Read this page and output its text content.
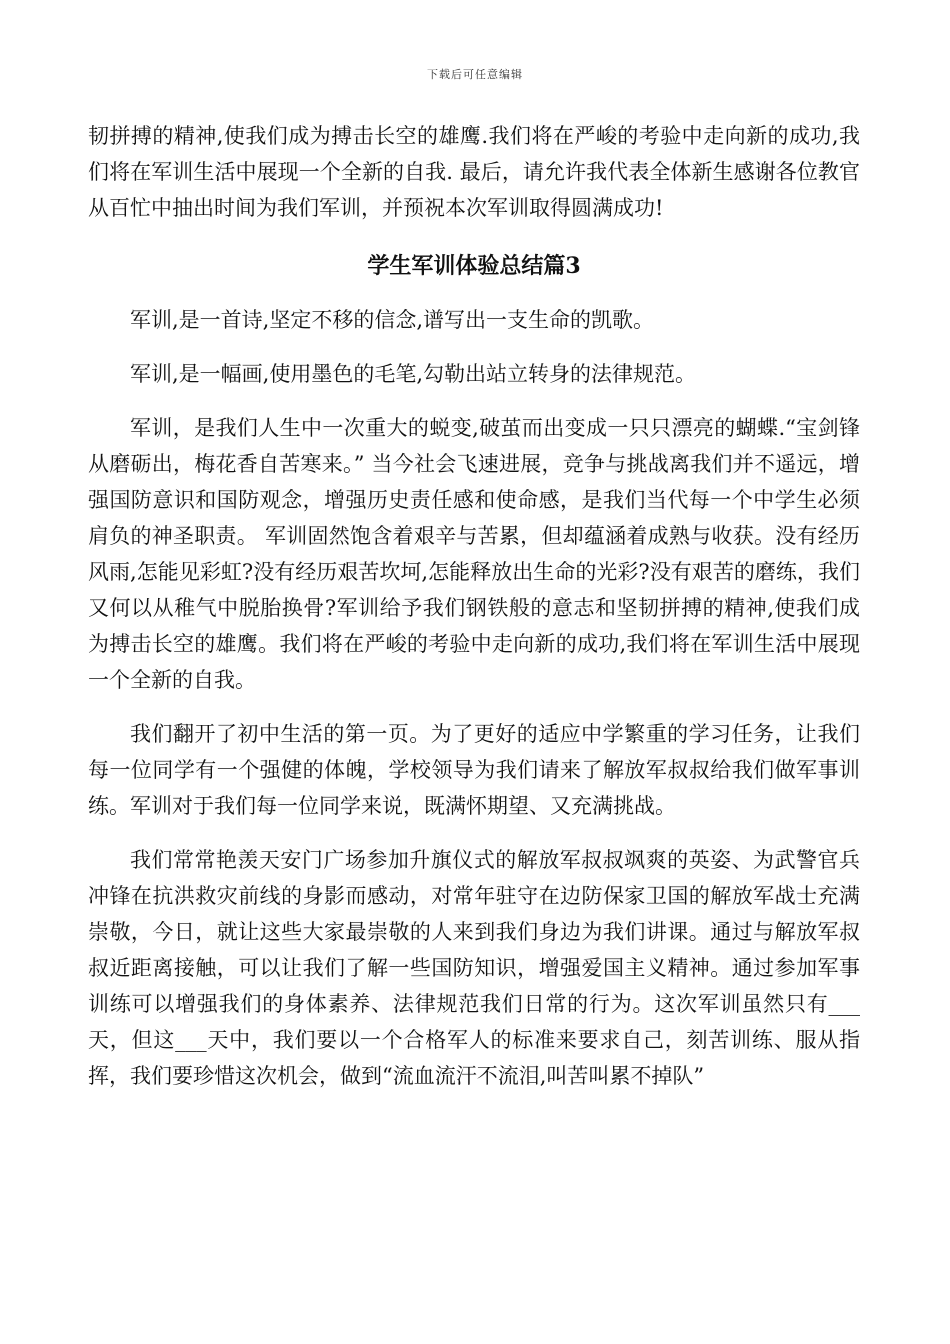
下载后可任意编辑

韧拼搏的精神,使我们成为搏击长空的雄鹰.我们将在严峻的考验中走向新的成功,我们将在军训生活中展现一个全新的自我. 最后，请允许我代表全体新生感谢各位教官从百忙中抽出时间为我们军训，并预祝本次军训取得圆满成功!

学生军训体验总结篇3

军训,是一首诗,坚定不移的信念,谱写出一支生命的凯歌。

军训,是一幅画,使用墨色的毛笔,勾勒出站立转身的法律规范。

军训，是我们人生中一次重大的蜕变,破茧而出变成一只只漂亮的蝴蝶.“宝剑锋从磨砺出，梅花香自苦寒来。” 当今社会飞速进展，竞争与挑战离我们并不遥远，增强国防意识和国防观念，增强历史责任感和使命感，是我们当代每一个中学生必须肩负的神圣职责。 军训固然饱含着艰辛与苦累，但却蕴涵着成熟与收获。没有经历风雨,怎能见彩虹?没有经历艰苦坎坷,怎能释放出生命的光彩?没有艰苦的磨练，我们又何以从稚气中脱胎换骨?军训给予我们钢铁般的意志和坚韧拼搏的精神,使我们成为搏击长空的雄鹰。我们将在严峻的考验中走向新的成功,我们将在军训生活中展现一个全新的自我。

我们翻开了初中生活的第一页。为了更好的适应中学繁重的学习任务，让我们每一位同学有一个强健的体魄，学校领导为我们请来了解放军叔叔给我们做军事训练。军训对于我们每一位同学来说，既满怀期望、又充满挑战。

我们常常艳羡天安门广场参加升旗仪式的解放军叔叔飒爽的英姿、为武警官兵冲锋在抗洪救灾前线的身影而感动，对常年驻守在边防保家卫国的解放军战士充满崇敬，今日，就让这些大家最崇敬的人来到我们身边为我们讲课。通过与解放军叔叔近距离接触，可以让我们了解一些国防知识，增强爱国主义精神。通过参加军事训练可以增强我们的身体素养、法律规范我们日常的行为。这次军训虽然只有___天，但这___天中，我们要以一个合格军人的标准来要求自己，刻苦训练、服从指挥，我们要珍惜这次机会，做到“流血流汗不流泪,叫苦叫累不掉队”
